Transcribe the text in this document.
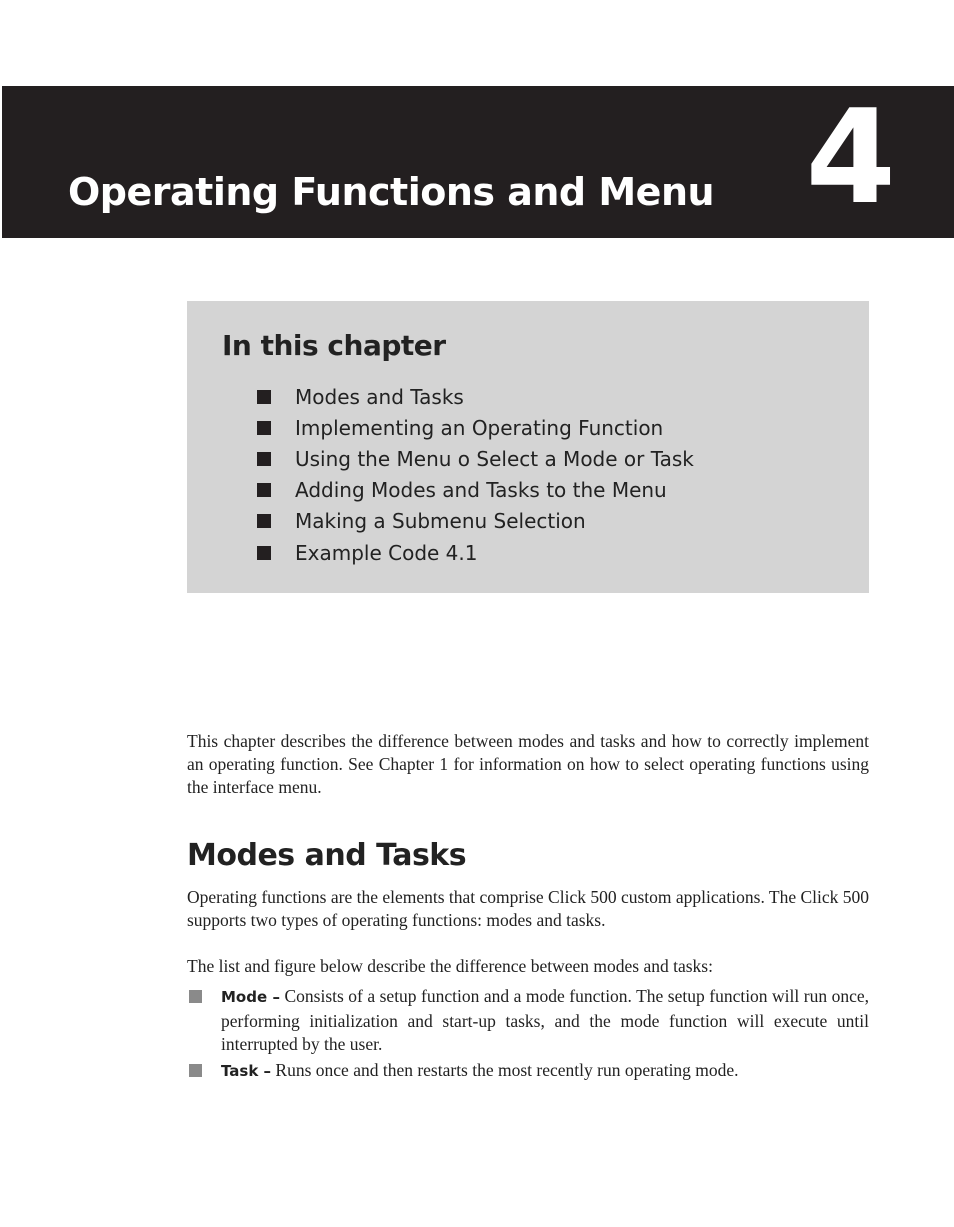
Operating Functions and Menu 4
In this chapter
Modes and Tasks
Implementing an Operating Function
Using the Menu o Select a Mode or Task
Adding Modes and Tasks to the Menu
Making a Submenu Selection
Example Code 4.1

This chapter describes the difference between modes and tasks and how to correctly implement an operating function. See Chapter 1 for information on how to select operating functions using the interface menu.

Modes and Tasks

Operating functions are the elements that comprise Click 500 custom applications. The Click 500 supports two types of operating functions: modes and tasks.

The list and figure below describe the difference between modes and tasks:

Mode – Consists of a setup function and a mode function. The setup function will run once, performing initialization and start-up tasks, and the mode function will execute until interrupted by the user.
Task – Runs once and then restarts the most recently run operating mode.
